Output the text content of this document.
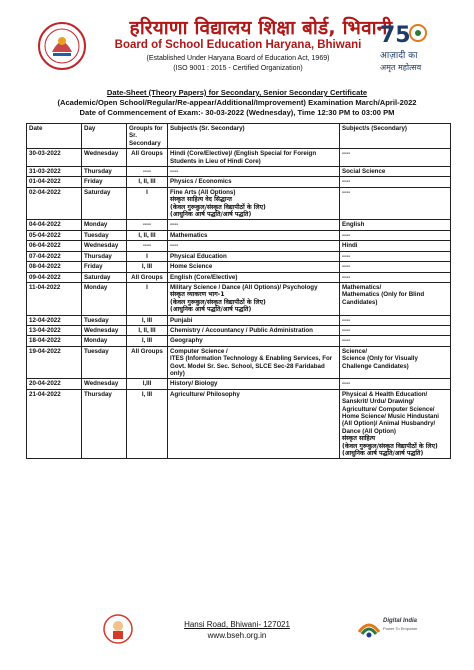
हरियाणा विद्यालय शिक्षा बोर्ड, भिवानी
Board of School Education Haryana, Bhiwani
(Established Under Haryana Board of Education Act, 1969)
(ISO 9001 : 2015 - Certified Organization)
75
आज़ादी का
अमृत महोत्सव
Date-Sheet (Theory Papers) for Secondary, Senior Secondary Certificate
(Academic/Open School/Regular/Re-appear/Additional/Improvement) Examination March/April-2022
Date of Commencement of Exam:- 30-03-2022 (Wednesday), Time 12:30 PM to 03:00 PM
Date	Day	Group/s for Sr. Secondary	Subject/s (Sr. Secondary)	Subject/s (Secondary)
30-03-2022	Wednesday	All Groups	Hindi (Core/Elective)/ (English Special for Foreign Students in Lieu of Hindi Core)	----

31-03-2022	Thursday	----	----	Social Science

01-04-2022	Friday	I, II, III	Physics / Economics	----

02-04-2022	Saturday	I	Fine Arts (All Options)
संस्कृत साहित्य वेद सिद्धान्त
(केवल गुरूकुल/संस्कृत विद्यापीठों के लिए)
(आधुनिक आर्ष पद्धति/आर्ष पद्धति)	----

04-04-2022	Monday	----	----	English

05-04-2022	Tuesday	I, II, III	Mathematics	----

06-04-2022	Wednesday	----	----	Hindi

07-04-2022	Thursday	I	Physical Education	----

08-04-2022	Friday	I, III	Home Science	----

09-04-2022	Saturday	All Groups	English (Core/Elective)	----

11-04-2022	Monday	I	Military Science / Dance (All Options)/ Psychology
संस्कृत व्याकरण भाग-1
(केवल गुरूकुल/संस्कृत विद्यापीठों के लिए)
(आधुनिक आर्ष पद्धति/आर्ष पद्धति)	Mathematics/
Mathematics (Only for Blind Candidates)

12-04-2022	Tuesday	I, III	Punjabi	----

13-04-2022	Wednesday	I, II, III	Chemistry / Accountancy / Public Administration	----

18-04-2022	Monday	I, III	Geography	----

19-04-2022	Tuesday	All Groups	Computer Science /
ITES (Information Technology & Enabling Services, For Govt. Model Sr. Sec. School, SLCE Sec-28 Faridabad only)	Science/
Science (Only for Visually Challenge Candidates)

20-04-2022	Wednesday	I,III	History/ Biology	----

21-04-2022	Thursday	I, III	Agriculture/ Philosophy	Physical & Health Education/ Sanskrit/ Urdu/ Drawing/ Agriculture/ Computer Science/ Home Science/ Music Hindustani (All Option)/ Animal Husbandry/ Dance (All Option)
संस्कृत साहित्य
(केवल गुरूकुल/संस्कृत विद्यापीठों के लिए)(आधुनिक आर्ष पद्धति/आर्ष पद्धति)
Hansi Road, Bhiwani- 127021
www.bseh.org.in
Digital India
Power To Empower
